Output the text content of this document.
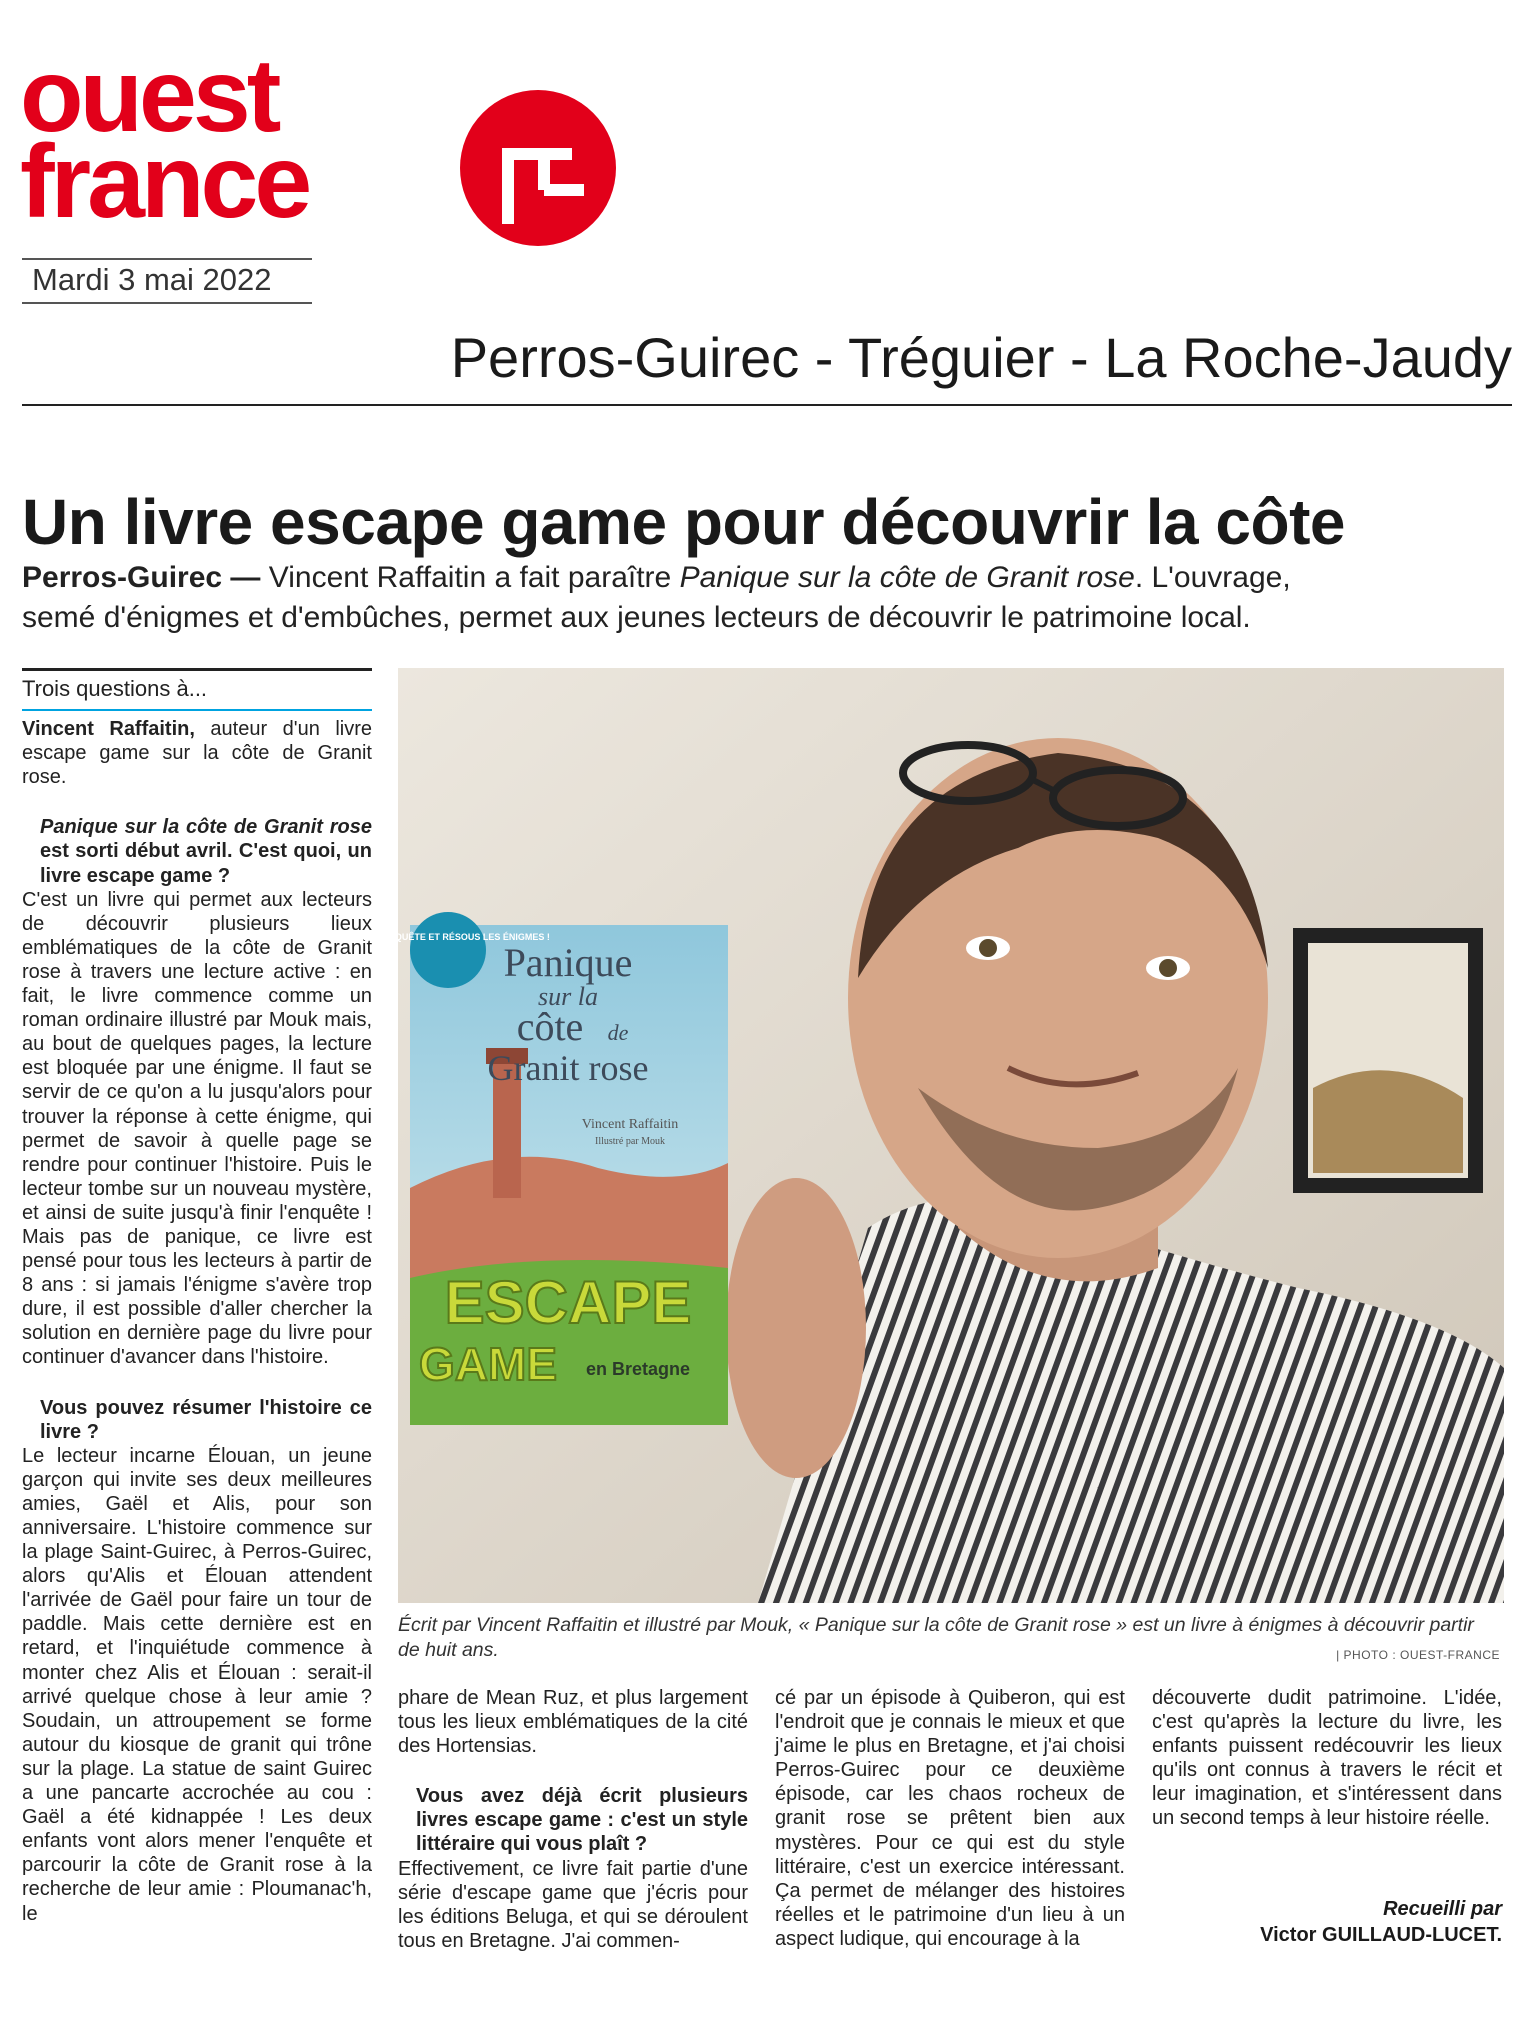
ouest
france
Mardi 3 mai 2022
Perros-Guirec - Tréguier - La Roche-Jaudy
Un livre escape game pour découvrir la côte
Perros-Guirec — Vincent Raffaitin a fait paraître Panique sur la côte de Granit rose. L'ouvrage, semé d'énigmes et d'embûches, permet aux jeunes lecteurs de découvrir le patrimoine local.
Trois questions à...

Vincent Raffaitin, auteur d'un livre escape game sur la côte de Granit rose.

Panique sur la côte de Granit rose est sorti début avril. C'est quoi, un livre escape game ?

C'est un livre qui permet aux lecteurs de découvrir plusieurs lieux emblématiques de la côte de Granit rose à travers une lecture active : en fait, le livre commence comme un roman ordinaire illustré par Mouk mais, au bout de quelques pages, la lecture est bloquée par une énigme. Il faut se servir de ce qu'on a lu jusqu'alors pour trouver la réponse à cette énigme, qui permet de savoir à quelle page se rendre pour continuer l'histoire. Puis le lecteur tombe sur un nouveau mystère, et ainsi de suite jusqu'à finir l'enquête ! Mais pas de panique, ce livre est pensé pour tous les lecteurs à partir de 8 ans : si jamais l'énigme s'avère trop dure, il est possible d'aller chercher la solution en dernière page du livre pour continuer d'avancer dans l'histoire.

Vous pouvez résumer l'histoire ce livre ?

Le lecteur incarne Élouan, un jeune garçon qui invite ses deux meilleures amies, Gaël et Alis, pour son anniversaire. L'histoire commence sur la plage Saint-Guirec, à Perros-Guirec, alors qu'Alis et Élouan attendent l'arrivée de Gaël pour faire un tour de paddle. Mais cette dernière est en retard, et l'inquiétude commence à monter chez Alis et Élouan : serait-il arrivé quelque chose à leur amie ? Soudain, un attroupement se forme autour du kiosque de granit qui trône sur la plage. La statue de saint Guirec a une pancarte accrochée au cou : Gaël a été kidnappée ! Les deux enfants vont alors mener l'enquête et parcourir la côte de Granit rose à la recherche de leur amie : Ploumanac'h, le

MÈNE L'ENQUÊTE ET RÉSOUS LES ÉNIGMES !
Panique
sur la
côte de
Granit rose
Vincent Raffaitin
Illustré par Mouk
ESCAPE
GAME en Bretagne
Écrit par Vincent Raffaitin et illustré par Mouk, « Panique sur la côte de Granit rose » est un livre à énigmes à découvrir partir de huit ans.	| PHOTO : OUEST-FRANCE

phare de Mean Ruz, et plus largement tous les lieux emblématiques de la cité des Hortensias.

Vous avez déjà écrit plusieurs livres escape game : c'est un style littéraire qui vous plaît ?

Effectivement, ce livre fait partie d'une série d'escape game que j'écris pour les éditions Beluga, et qui se déroulent tous en Bretagne. J'ai commen-

cé par un épisode à Quiberon, qui est l'endroit que je connais le mieux et que j'aime le plus en Bretagne, et j'ai choisi Perros-Guirec pour ce deuxième épisode, car les chaos rocheux de granit rose se prêtent bien aux mystères. Pour ce qui est du style littéraire, c'est un exercice intéressant. Ça permet de mélanger des histoires réelles et le patrimoine d'un lieu à un aspect ludique, qui encourage à la

découverte dudit patrimoine. L'idée, c'est qu'après la lecture du livre, les enfants puissent redécouvrir les lieux qu'ils ont connus à travers le récit et leur imagination, et s'intéressent dans un second temps à leur histoire réelle.

Recueilli par
Victor GUILLAUD-LUCET.
